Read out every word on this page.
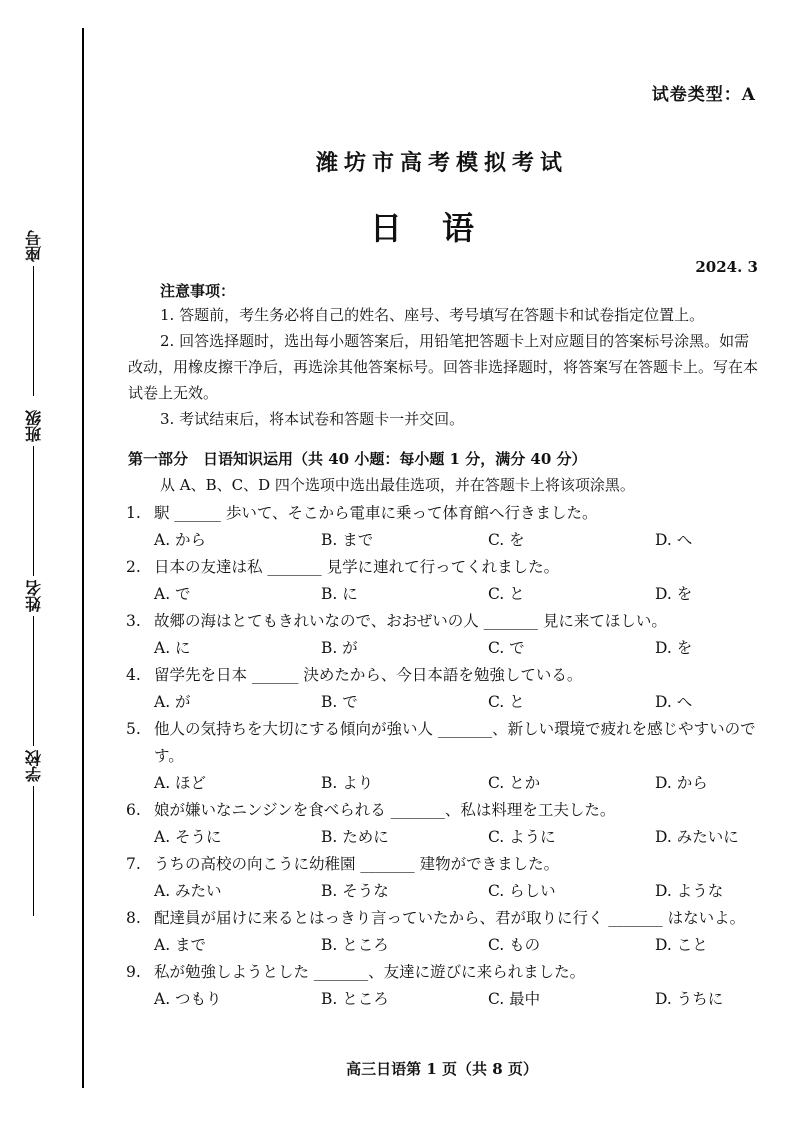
座号
班级
姓名
学校
试卷类型：A
潍坊市高考模拟考试
日语
2024. 3
注意事项：

1. 答题前，考生务必将自己的姓名、座号、考号填写在答题卡和试卷指定位置上。

2. 回答选择题时，选出每小题答案后，用铅笔把答题卡上对应题目的答案标号涂黑。如需改动，用橡皮擦干净后，再选涂其他答案标号。回答非选择题时，将答案写在答题卡上。写在本试卷上无效。

3. 考试结束后，将本试卷和答题卡一并交回。

第一部分　日语知识运用（共 40 小题：每小题 1 分，满分 40 分）
从 A、B、C、D 四个选项中选出最佳选项，并在答题卡上将该项涂黑。
1. 駅 ______ 歩いて、そこから電車に乗って体育館へ行きました。
A. から	B. まで	C. を	D. へ
2. 日本の友達は私 _______ 見学に連れて行ってくれました。
A. で	B. に	C. と	D. を
3. 故郷の海はとてもきれいなので、おおぜいの人 _______ 見に来てほしい。
A. に	B. が	C. で	D. を
4. 留学先を日本 ______ 決めたから、今日本語を勉強している。
A. が	B. で	C. と	D. へ
5. 他人の気持ちを大切にする傾向が強い人 _______、新しい環境で疲れを感じやすいのです。
A. ほど	B. より	C. とか	D. から
6. 娘が嫌いなニンジンを食べられる _______、私は料理を工夫した。
A. そうに	B. ために	C. ように	D. みたいに
7. うちの高校の向こうに幼稚園 _______ 建物ができました。
A. みたい	B. そうな	C. らしい	D. ような
8. 配達員が届けに来るとはっきり言っていたから、君が取りに行く _______ はないよ。
A. まで	B. ところ	C. もの	D. こと
9. 私が勉強しようとした _______、友達に遊びに来られました。
A. つもり	B. ところ	C. 最中	D. うちに
高三日语第 1 页（共 8 页）
